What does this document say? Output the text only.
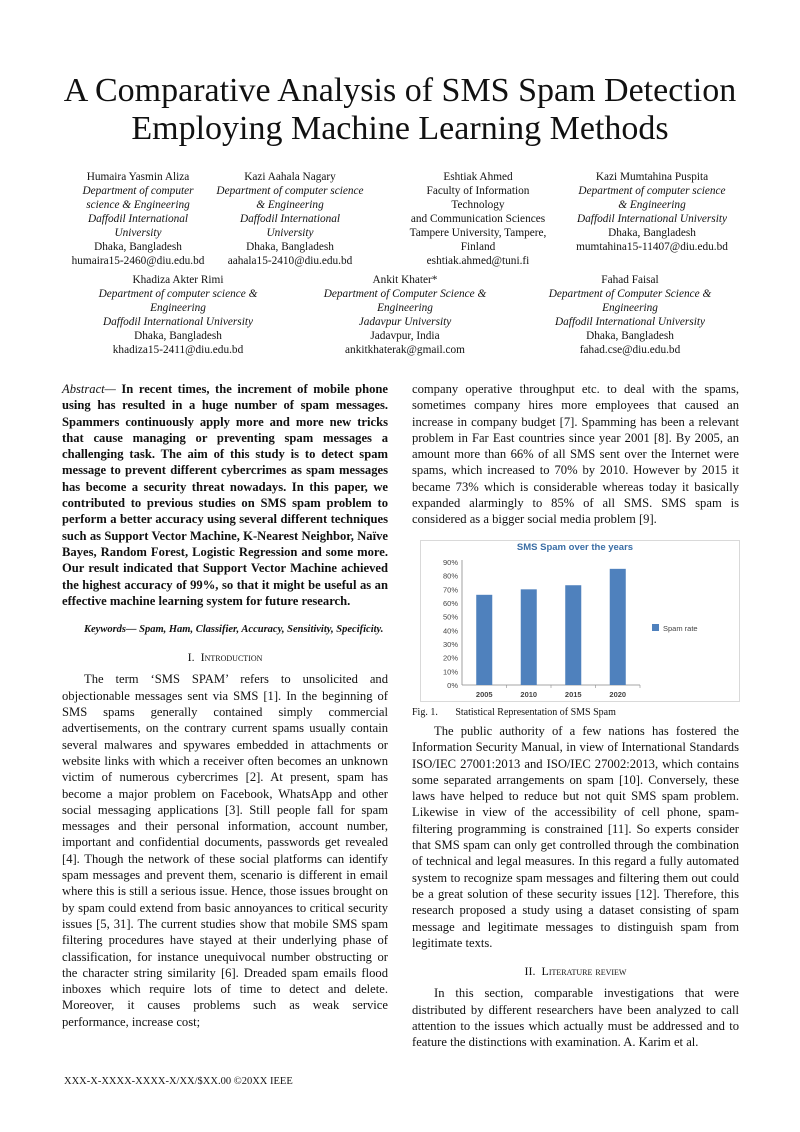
A Comparative Analysis of SMS Spam Detection
Employing Machine Learning Methods
Humaira Yasmin Aliza
Department of computer
science & Engineering
Daffodil International
University
Dhaka, Bangladesh
humaira15-2460@diu.edu.bd
Kazi Aahala Nagary
Department of computer science
& Engineering
Daffodil International
University
Dhaka, Bangladesh
aahala15-2410@diu.edu.bd
Eshtiak Ahmed
Faculty of Information
Technology
and Communication Sciences
Tampere University, Tampere,
Finland
eshtiak.ahmed@tuni.fi
Kazi Mumtahina Puspita
Department of computer science
& Engineering
Daffodil International University
Dhaka, Bangladesh
mumtahina15-11407@diu.edu.bd
Khadiza Akter Rimi
Department of computer science &
Engineering
Daffodil International University
Dhaka, Bangladesh
khadiza15-2411@diu.edu.bd
Ankit Khater*
Department of Computer Science &
Engineering
Jadavpur University
Jadavpur, India
ankitkhaterak@gmail.com
Fahad Faisal
Department of Computer Science &
Engineering
Daffodil International University
Dhaka, Bangladesh
fahad.cse@diu.edu.bd

Abstract— In recent times, the increment of mobile phone using has resulted in a huge number of spam messages. Spammers continuously apply more and more new tricks that cause managing or preventing spam messages a challenging task. The aim of this study is to detect spam message to prevent different cybercrimes as spam messages has become a security threat nowadays. In this paper, we contributed to previous studies on SMS spam problem to perform a better accuracy using several different techniques such as Support Vector Machine, K-Nearest Neighbor, Naïve Bayes, Random Forest, Logistic Regression and some more. Our result indicated that Support Vector Machine achieved the highest accuracy of 99%, so that it might be useful as an effective machine learning system for future research.

Keywords— Spam, Ham, Classifier, Accuracy, Sensitivity, Specificity.

I. Introduction

The term ‘SMS SPAM’ refers to unsolicited and objectionable messages sent via SMS [1]. In the beginning of SMS spams generally contained simply commercial advertisements, on the contrary current spams usually contain several malwares and spywares embedded in attachments or website links with which a receiver often becomes an unknown victim of numerous cybercrimes [2]. At present, spam has become a major problem on Facebook, WhatsApp and other social messaging applications [3]. Still people fall for spam messages and their personal information, account number, important and confidential documents, passwords get revealed [4]. Though the network of these social platforms can identify spam messages and prevent them, scenario is different in email where this is still a serious issue. Hence, those issues brought on by spam could extend from basic annoyances to critical security issues [5, 31]. The current studies show that mobile SMS spam filtering procedures have stayed at their underlying phase of classification, for instance unequivocal number obstructing or the character string similarity [6]. Dreaded spam emails flood inboxes which require lots of time to detect and delete. Moreover, it causes problems such as weak service performance, increase cost;

company operative throughput etc. to deal with the spams, sometimes company hires more employees that caused an increase in company budget [7]. Spamming has been a relevant problem in Far East countries since year 2001 [8]. By 2005, an amount more than 66% of all SMS sent over the Internet were spams, which increased to 70% by 2010. However by 2015 it became 73% which is considerable whereas today it basically expanded alarmingly to 85% of all SMS. SMS spam is considered as a bigger social media problem [9].

SMS Spam over the years
0%
10%
20%
30%
40%
50%
60%
70%
80%
90%
2005	2010	2015	2020
Spam rate
Fig. 1. Statistical Representation of SMS Spam

The public authority of a few nations has fostered the Information Security Manual, in view of International Standards ISO/IEC 27001:2013 and ISO/IEC 27002:2013, which contains some separated arrangements on spam [10]. Conversely, these laws have helped to reduce but not quit SMS spam problem. Likewise in view of the accessibility of cell phone, spam-filtering programming is constrained [11]. So experts consider that SMS spam can only get controlled through the combination of technical and legal measures. In this regard a fully automated system to recognize spam messages and filtering them out could be a great solution of these security issues [12]. Therefore, this research proposed a study using a dataset consisting of spam message and legitimate messages to distinguish spam from legitimate texts.

II. Literature review

In this section, comparable investigations that were distributed by different researchers have been analyzed to call attention to the issues which actually must be addressed and to feature the distinctions with examination. A. Karim et al.

XXX-X-XXXX-XXXX-X/XX/$XX.00 ©20XX IEEE
